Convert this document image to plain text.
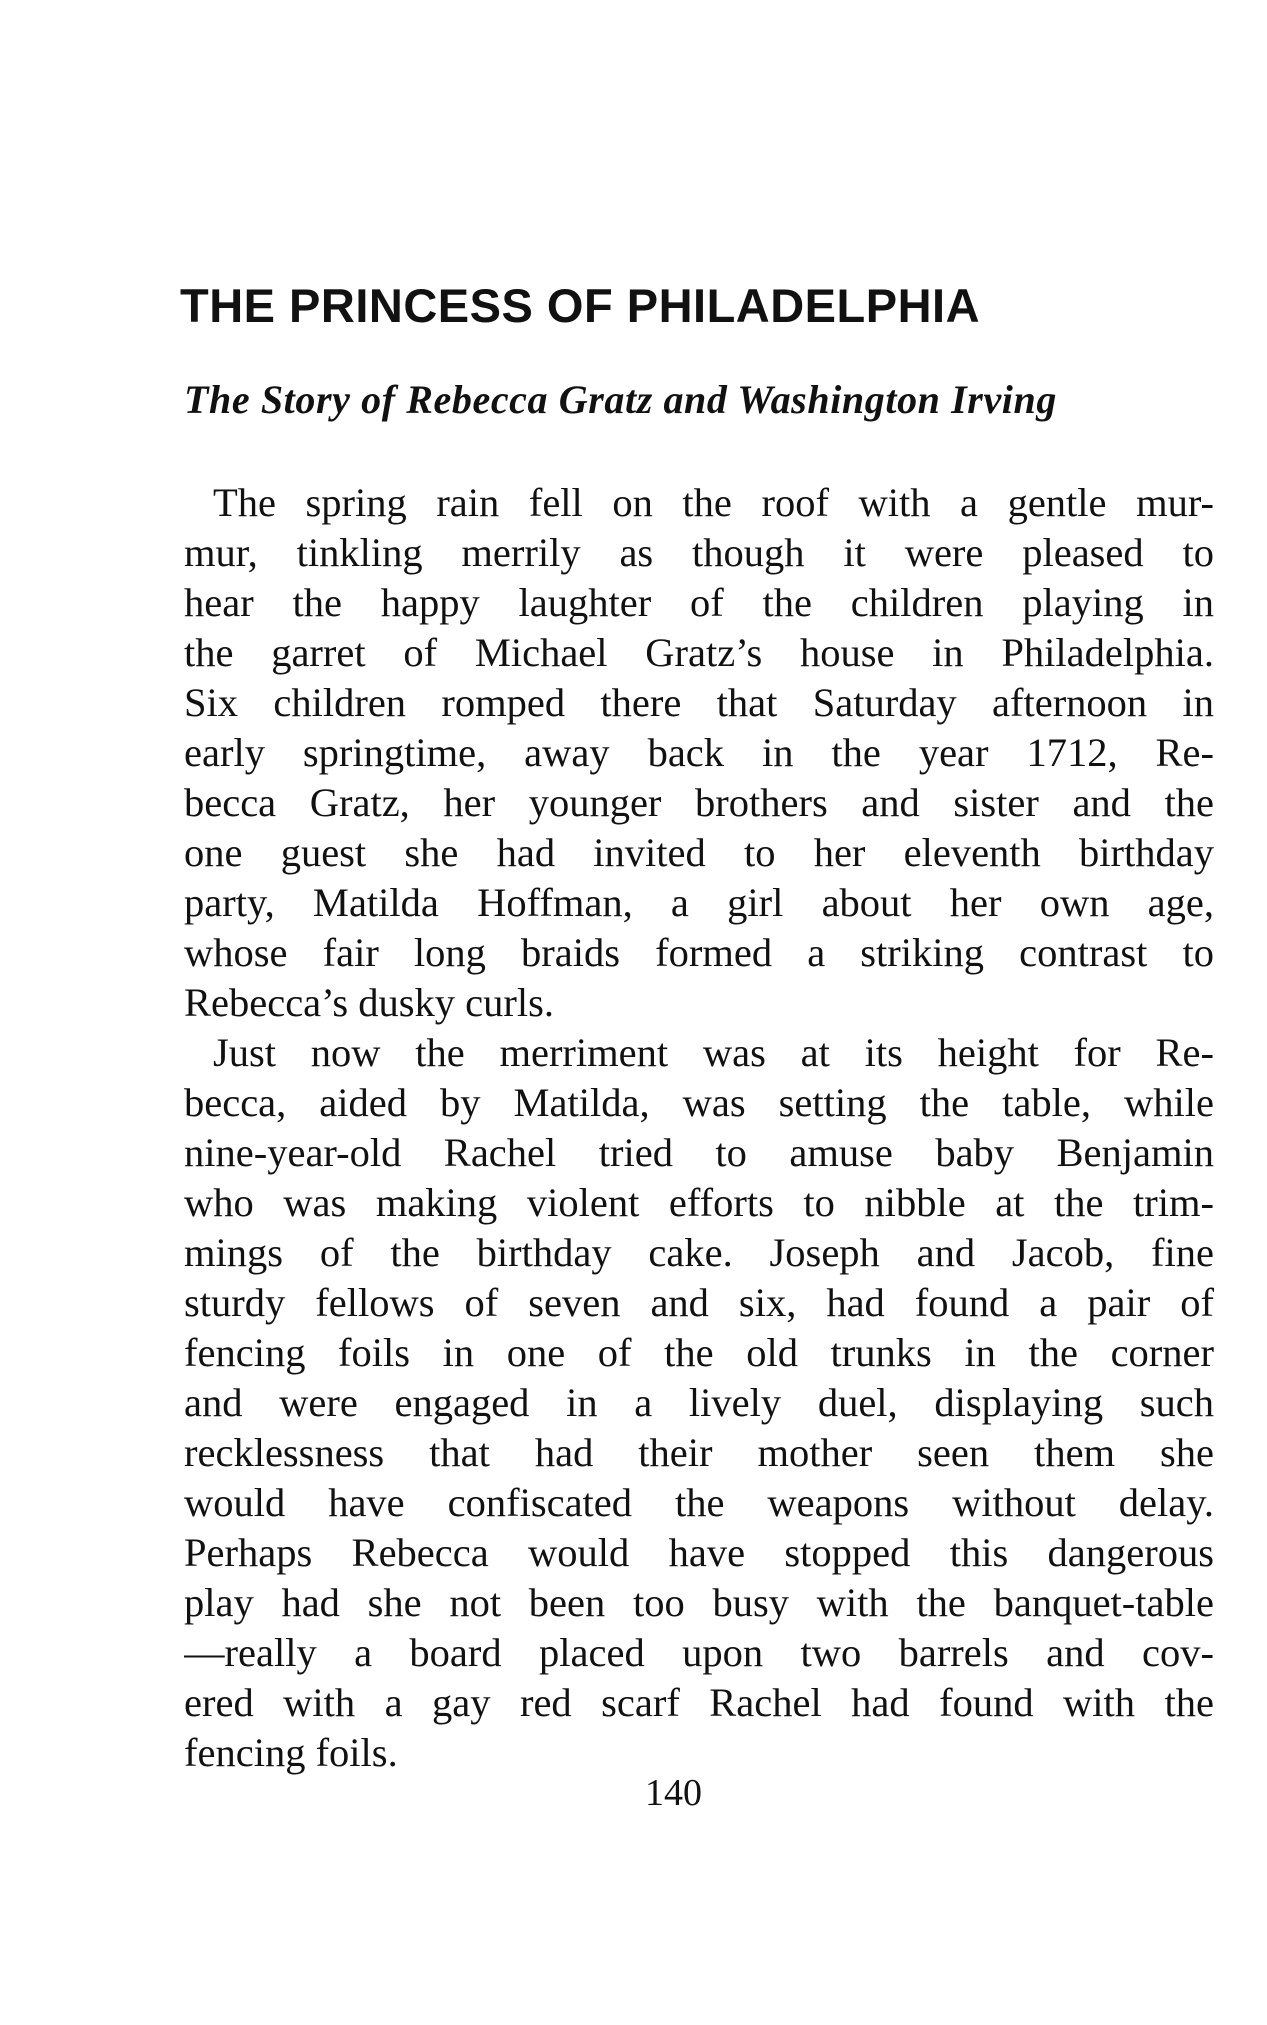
THE PRINCESS OF PHILADELPHIA
The Story of Rebecca Gratz and Washington Irving

The spring rain fell on the roof with a gentle mur-

mur, tinkling merrily as though it were pleased to

hear the happy laughter of the children playing in

the garret of Michael Gratz’s house in Philadelphia.

Six children romped there that Saturday afternoon in

early springtime, away back in the year 1712, Re-

becca Gratz, her younger brothers and sister and the

one guest she had invited to her eleventh birthday

party, Matilda Hoffman, a girl about her own age,

whose fair long braids formed a striking contrast to

Rebecca’s dusky curls.

Just now the merriment was at its height for Re-

becca, aided by Matilda, was setting the table, while

nine-year-old Rachel tried to amuse baby Benjamin

who was making violent efforts to nibble at the trim-

mings of the birthday cake. Joseph and Jacob, fine

sturdy fellows of seven and six, had found a pair of

fencing foils in one of the old trunks in the corner

and were engaged in a lively duel, displaying such

recklessness that had their mother seen them she

would have confiscated the weapons without delay.

Perhaps Rebecca would have stopped this dangerous

play had she not been too busy with the banquet-table

—really a board placed upon two barrels and cov-

ered with a gay red scarf Rachel had found with the

fencing foils.

140
